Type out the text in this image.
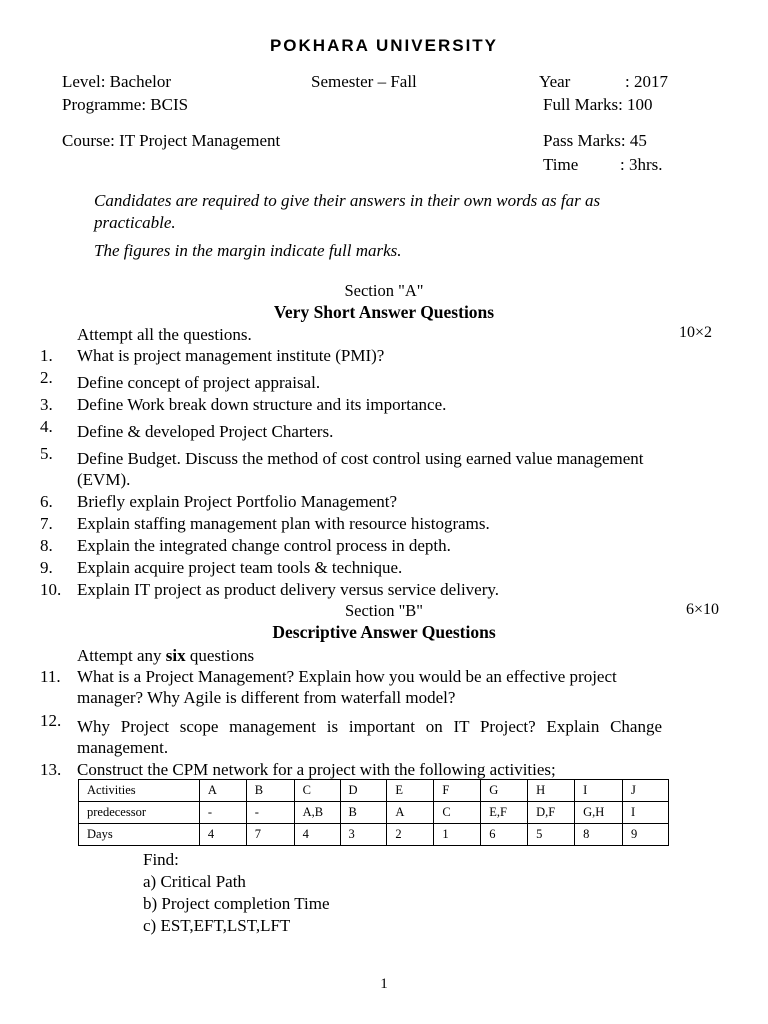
POKHARA UNIVERSITY
Level: Bachelor	Semester – Fall	Year	: 2017
Programme: BCIS	Full Marks: 100
Course: IT Project Management	Pass Marks: 45
Time : 3hrs.
Candidates are required to give their answers in their own words as far as practicable.
The figures in the margin indicate full marks.
Section "A"
Very Short Answer Questions
Attempt all the questions.	10×2
1. What is project management institute (PMI)?
2. Define concept of project appraisal.
3. Define Work break down structure and its importance.
4. Define & developed Project Charters.
5. Define Budget. Discuss the method of cost control using earned value management (EVM).
6. Briefly explain Project Portfolio Management?
7. Explain staffing management plan with resource histograms.
8. Explain the integrated change control process in depth.
9. Explain acquire project team tools & technique.
10. Explain IT project as product delivery versus service delivery.
Section "B"	6×10
Descriptive Answer Questions
Attempt any six questions
11. What is a Project Management? Explain how you would be an effective project manager? Why Agile is different from waterfall model?
12. Why Project scope management is important on IT Project? Explain Change management.
13. Construct the CPM network for a project with the following activities;
Activities	A	B	C	D	E	F	G	H	I	J
predecessor	-	-	A,B	B	A	C	E,F	D,F	G,H	I
Days	4	7	4	3	2	1	6	5	8	9
Find:
a) Critical Path
b) Project completion Time
c) EST,EFT,LST,LFT
1
